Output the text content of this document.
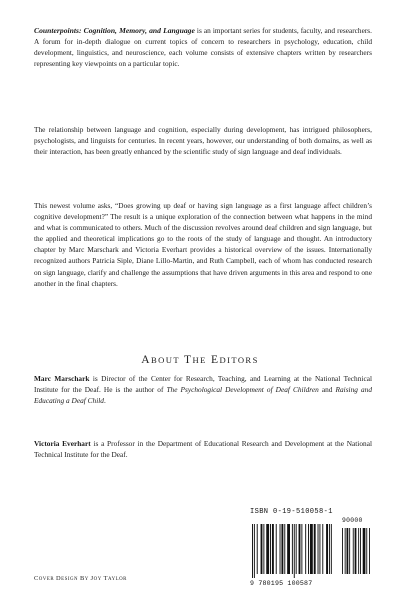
Counterpoints: Cognition, Memory, and Language is an important series for students, faculty, and researchers. A forum for in-depth dialogue on current topics of concern to researchers in psychology, education, child development, linguistics, and neuroscience, each volume consists of extensive chapters written by researchers representing key viewpoints on a particular topic.

The relationship between language and cognition, especially during development, has intrigued philosophers, psychologists, and linguists for centuries. In recent years, however, our understanding of both domains, as well as their interaction, has been greatly enhanced by the scientific study of sign language and deaf individuals.

This newest volume asks, “Does growing up deaf or having sign language as a first language affect children’s cognitive development?” The result is a unique exploration of the connection between what happens in the mind and what is communicated to others. Much of the discussion revolves around deaf children and sign language, but the applied and theoretical implications go to the roots of the study of language and thought. An introductory chapter by Marc Marschark and Victoria Everhart provides a historical overview of the issues. Internationally recognized authors Patricia Siple, Diane Lillo-Martin, and Ruth Campbell, each of whom has conducted research on sign language, clarify and challenge the assumptions that have driven arguments in this area and respond to one another in the final chapters.

ABOUT THE EDITORS

Marc Marschark is Director of the Center for Research, Teaching, and Learning at the National Technical Institute for the Deaf. He is the author of The Psychological Development of Deaf Children and Raising and Educating a Deaf Child.

Victoria Everhart is a Professor in the Department of Educational Research and Development at the National Technical Institute for the Deaf.

ISBN 0-19-510058-1
90000
9 780195 100587
COVER DESIGN BY JOY TAYLOR
